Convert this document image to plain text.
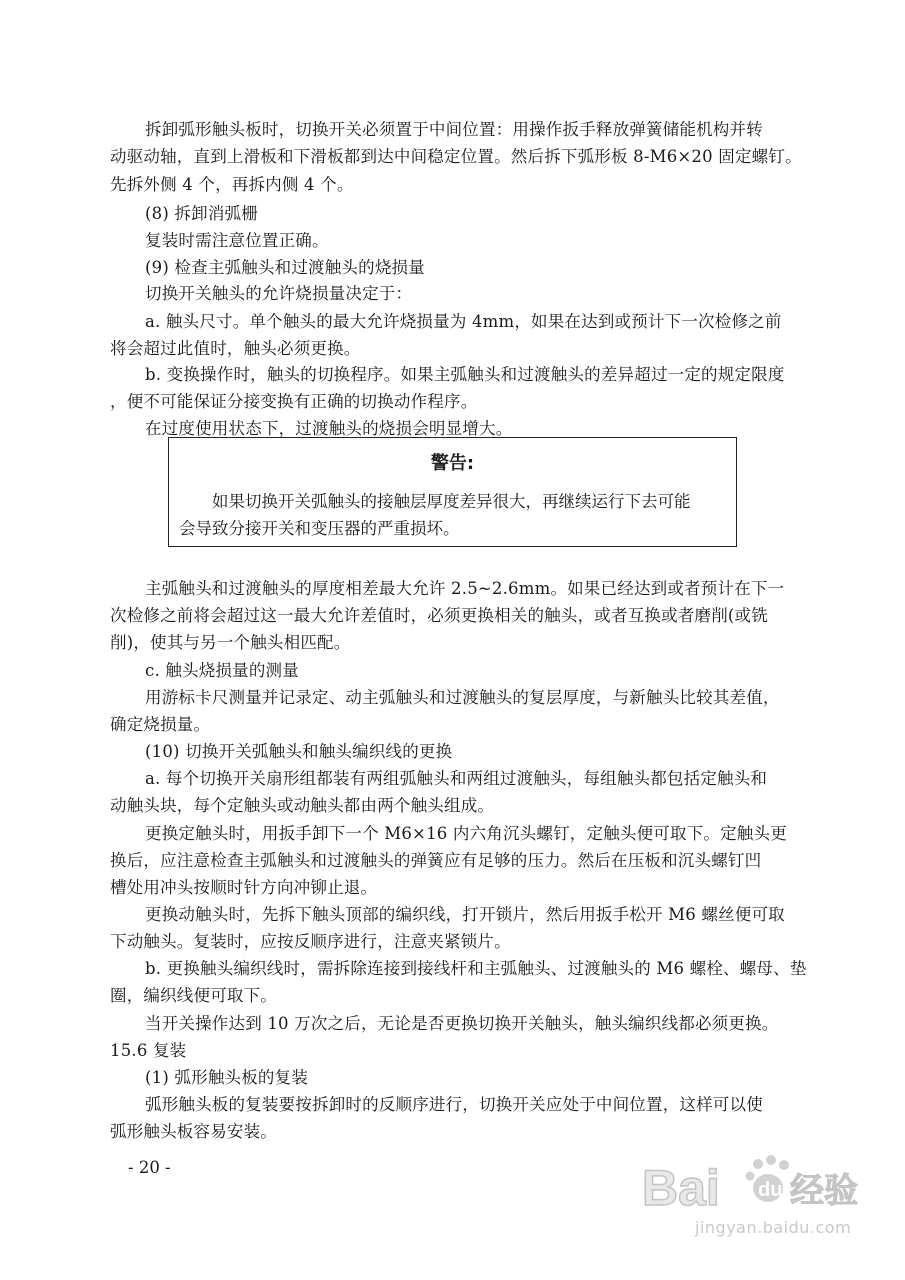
拆卸弧形触头板时，切换开关必须置于中间位置：用操作扳手释放弹簧储能机构并转
动驱动轴，直到上滑板和下滑板都到达中间稳定位置。然后拆下弧形板 8-M6×20 固定螺钉。
先拆外侧 4 个，再拆内侧 4 个。
(8) 拆卸消弧栅
复装时需注意位置正确。
(9) 检查主弧触头和过渡触头的烧损量
切换开关触头的允许烧损量决定于：
a. 触头尺寸。单个触头的最大允许烧损量为 4mm，如果在达到或预计下一次检修之前
将会超过此值时，触头必须更换。
b. 变换操作时，触头的切换程序。如果主弧触头和过渡触头的差异超过一定的规定限度
，便不可能保证分接变换有正确的切换动作程序。
在过度使用状态下，过渡触头的烧损会明显增大。
警告:
如果切换开关弧触头的接触层厚度差异很大，再继续运行下去可能
会导致分接开关和变压器的严重损坏。
主弧触头和过渡触头的厚度相差最大允许 2.5~2.6mm。如果已经达到或者预计在下一
次检修之前将会超过这一最大允许差值时，必须更换相关的触头，或者互换或者磨削(或铣
削)，使其与另一个触头相匹配。
c. 触头烧损量的测量
用游标卡尺测量并记录定、动主弧触头和过渡触头的复层厚度，与新触头比较其差值，
确定烧损量。
(10) 切换开关弧触头和触头编织线的更换
a. 每个切换开关扇形组都装有两组弧触头和两组过渡触头，每组触头都包括定触头和
动触头块，每个定触头或动触头都由两个触头组成。
更换定触头时，用扳手卸下一个 M6×16 内六角沉头螺钉，定触头便可取下。定触头更
换后，应注意检查主弧触头和过渡触头的弹簧应有足够的压力。然后在压板和沉头螺钉凹
槽处用冲头按顺时针方向冲铆止退。
更换动触头时，先拆下触头顶部的编织线，打开锁片，然后用扳手松开 M6 螺丝便可取
下动触头。复装时，应按反顺序进行，注意夹紧锁片。
b. 更换触头编织线时，需拆除连接到接线杆和主弧触头、过渡触头的 M6 螺栓、螺母、垫
圈，编织线便可取下。
当开关操作达到 10 万次之后，无论是否更换切换开关触头，触头编织线都必须更换。
15.6 复装
(1) 弧形触头板的复装
弧形触头板的复装要按拆卸时的反顺序进行，切换开关应处于中间位置，这样可以使
弧形触头板容易安装。
- 20 -	Bai du 经验
jingyan.baidu.com
